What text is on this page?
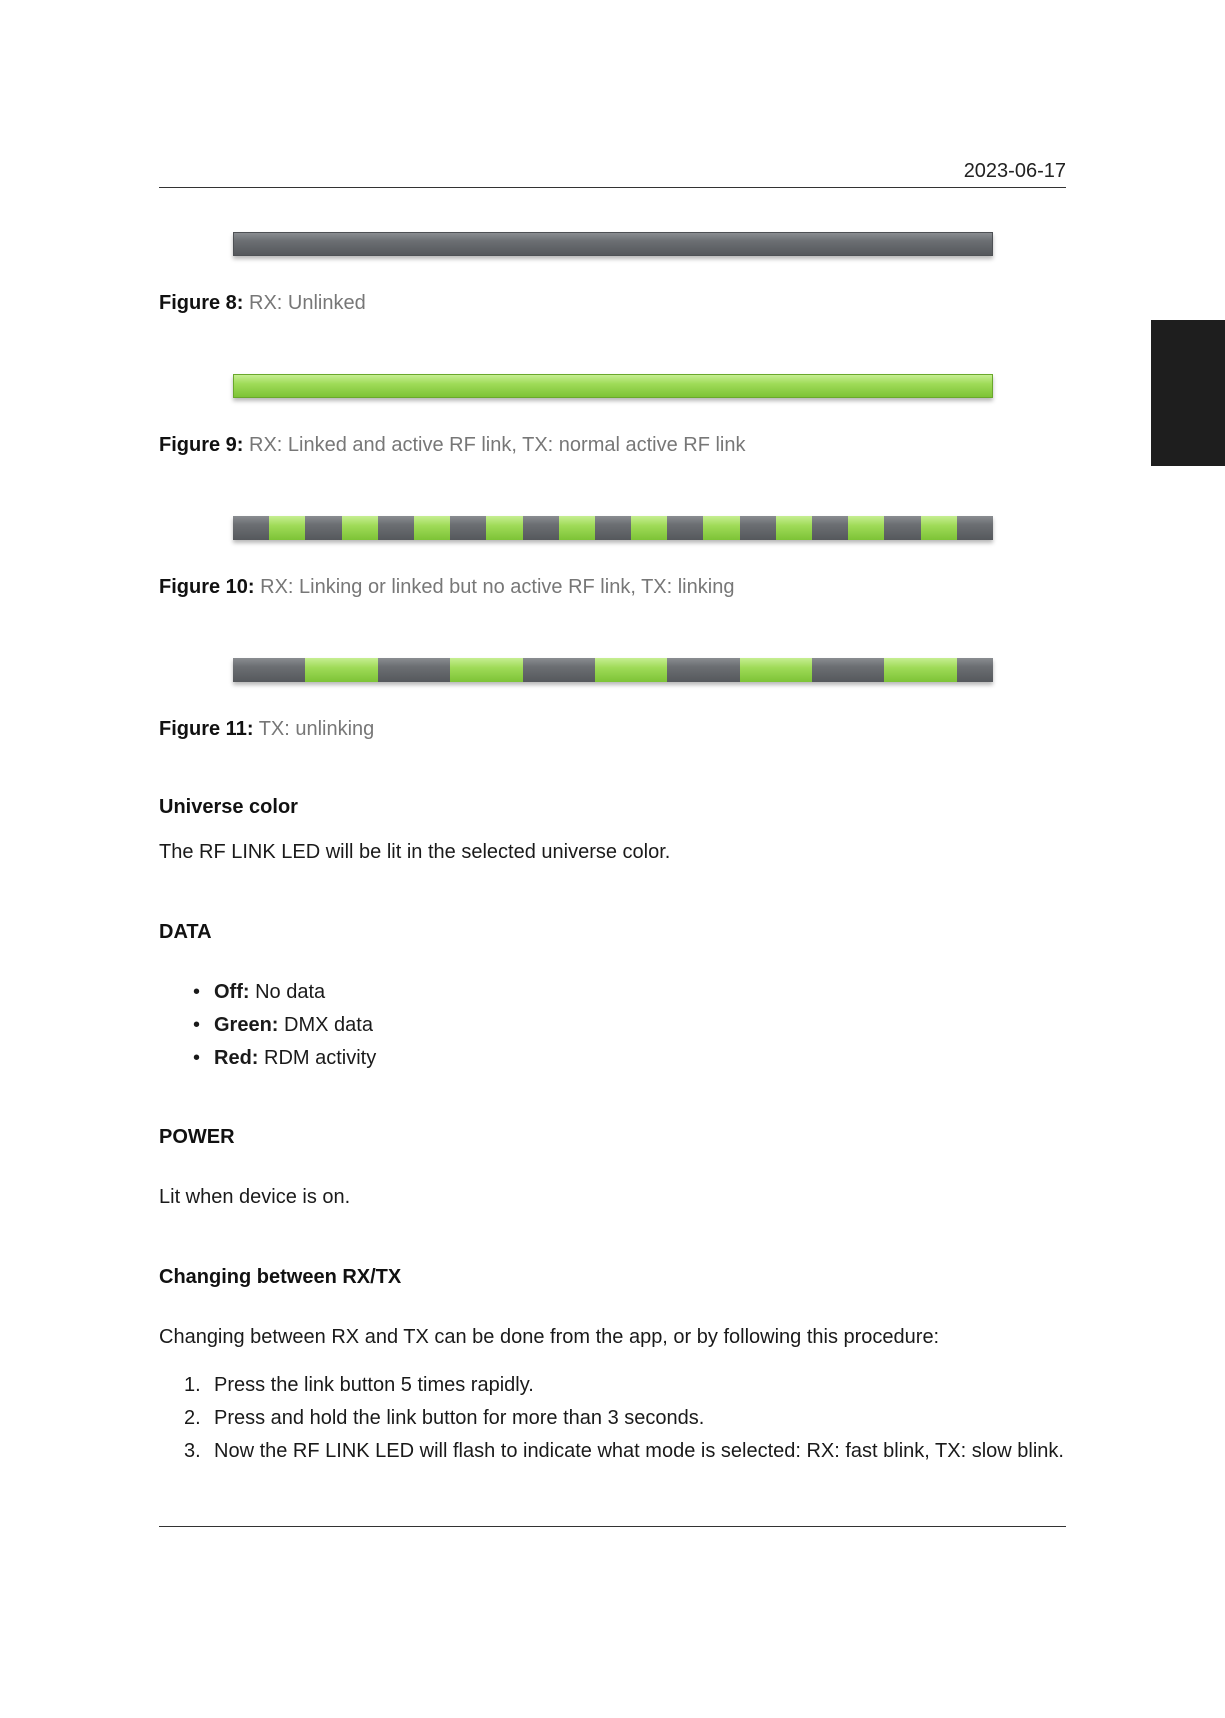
2023-06-17
Figure 8: RX: Unlinked
Figure 9: RX: Linked and active RF link, TX: normal active RF link
Figure 10: RX: Linking or linked but no active RF link, TX: linking
Figure 11: TX: unlinking
Universe color
The RF LINK LED will be lit in the selected universe color.
DATA
• Off: No data
• Green: DMX data
• Red: RDM activity
POWER
Lit when device is on.
Changing between RX/TX
Changing between RX and TX can be done from the app, or by following this procedure:
1. Press the link button 5 times rapidly.
2. Press and hold the link button for more than 3 seconds.
3. Now the RF LINK LED will flash to indicate what mode is selected: RX: fast blink, TX: slow blink.
